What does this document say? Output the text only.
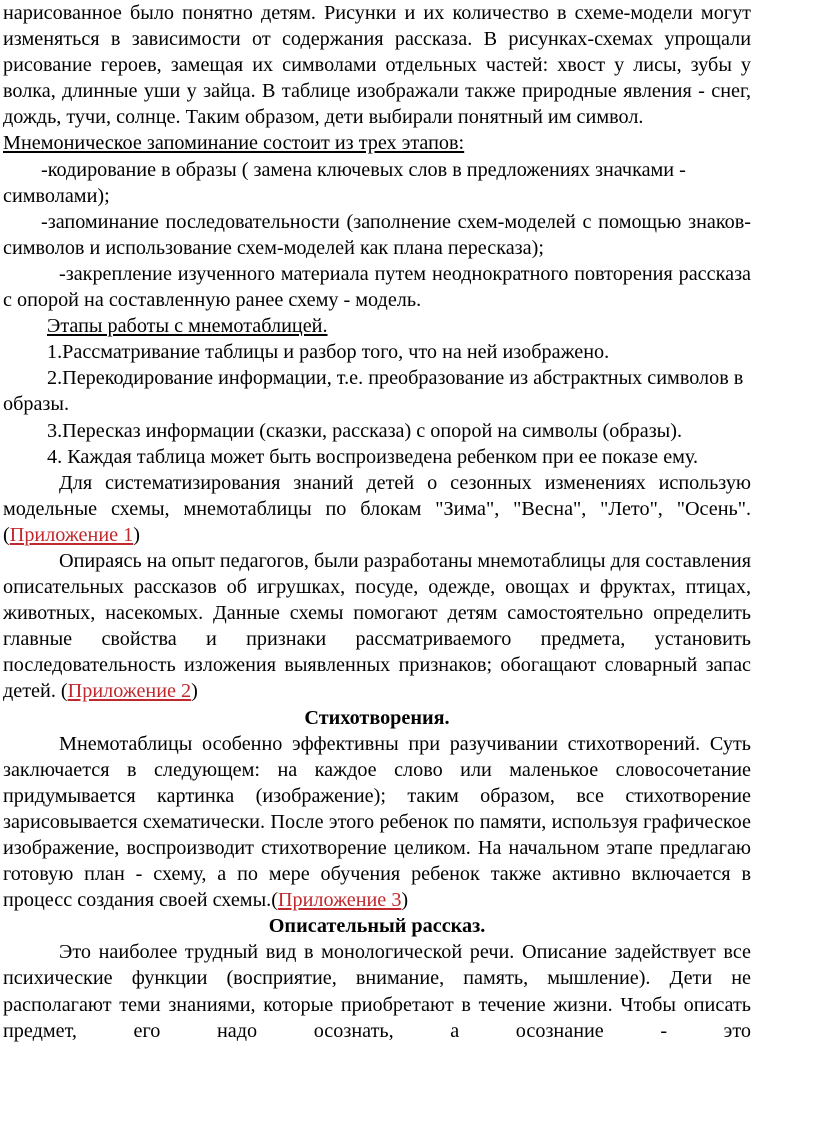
нарисованное было понятно детям. Рисунки и их количество в схеме-модели могут изменяться в зависимости от содержания рассказа. В рисунках-схемах упрощали рисование героев, замещая их символами отдельных частей: хвост у лисы, зубы у волка, длинные уши у зайца. В таблице изображали также природные явления - снег, дождь, тучи, солнце. Таким образом, дети выбирали понятный им символ.

Мнемоническое запоминание состоит из трех этапов:

-кодирование в образы ( замена ключевых слов в предложениях значками - символами);

-запоминание последовательности (заполнение схем-моделей с помощью знаков-символов и использование схем-моделей как плана пересказа);

-закрепление изученного материала путем неоднократного повторения рассказа с опорой на составленную ранее схему - модель.

Этапы работы с мнемотаблицей.

1.Рассматривание таблицы и разбор того, что на ней изображено.

2.Перекодирование информации, т.е. преобразование из абстрактных символов в образы.

3.Пересказ информации (сказки, рассказа) с опорой на символы (образы).

4. Каждая таблица может быть воспроизведена ребенком при ее показе ему.

Для систематизирования знаний детей о сезонных изменениях использую модельные схемы, мнемотаблицы по блокам "Зима", "Весна", "Лето", "Осень". (Приложение 1)

Опираясь на опыт педагогов, были разработаны мнемотаблицы для составления описательных рассказов об игрушках, посуде, одежде, овощах и фруктах, птицах, животных, насекомых. Данные схемы помогают детям самостоятельно определить главные свойства и признаки рассматриваемого предмета, установить последовательность изложения выявленных признаков; обогащают словарный запас детей. (Приложение 2)

Стихотворения.

Мнемотаблицы особенно эффективны при разучивании стихотворений. Суть заключается в следующем: на каждое слово или маленькое словосочетание придумывается картинка (изображение); таким образом, все стихотворение зарисовывается схематически. После этого ребенок по памяти, используя графическое изображение, воспроизводит стихотворение целиком. На начальном этапе предлагаю готовую план - схему, а по мере обучения ребенок также активно включается в процесс создания своей схемы.(Приложение 3)

Описательный рассказ.

Это наиболее трудный вид в монологической речи. Описание задействует все психические функции (восприятие, внимание, память, мышление). Дети не располагают теми знаниями, которые приобретают в течение жизни. Чтобы описать предмет, его надо осознать, а осознание - это
